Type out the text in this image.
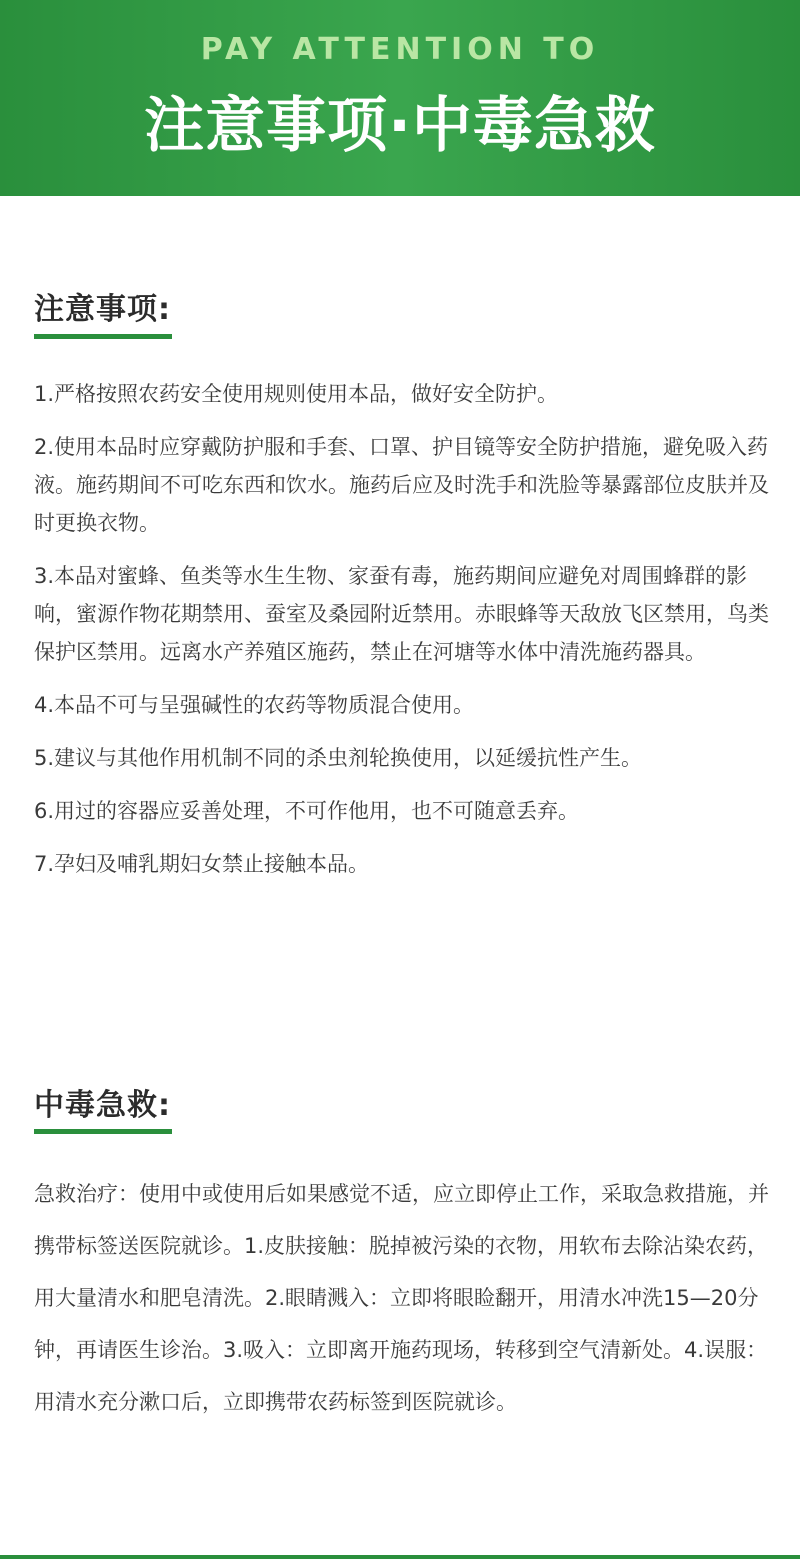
PAY ATTENTION TO
注意事项·中毒急救
注意事项:

1.严格按照农药安全使用规则使用本品，做好安全防护。

2.使用本品时应穿戴防护服和手套、口罩、护目镜等安全防护措施，避免吸入药液。施药期间不可吃东西和饮水。施药后应及时洗手和洗脸等暴露部位皮肤并及时更换衣物。

3.本品对蜜蜂、鱼类等水生生物、家蚕有毒，施药期间应避免对周围蜂群的影响，蜜源作物花期禁用、蚕室及桑园附近禁用。赤眼蜂等天敌放飞区禁用，鸟类保护区禁用。远离水产养殖区施药，禁止在河塘等水体中清洗施药器具。

4.本品不可与呈强碱性的农药等物质混合使用。

5.建议与其他作用机制不同的杀虫剂轮换使用，以延缓抗性产生。

6.用过的容器应妥善处理，不可作他用，也不可随意丢弃。

7.孕妇及哺乳期妇女禁止接触本品。

中毒急救:

急救治疗：使用中或使用后如果感觉不适，应立即停止工作，采取急救措施，并携带标签送医院就诊。1.皮肤接触：脱掉被污染的衣物，用软布去除沾染农药，用大量清水和肥皂清洗。2.眼睛溅入：立即将眼睑翻开，用清水冲洗15—20分钟，再请医生诊治。3.吸入：立即离开施药现场，转移到空气清新处。4.误服：用清水充分漱口后，立即携带农药标签到医院就诊。
